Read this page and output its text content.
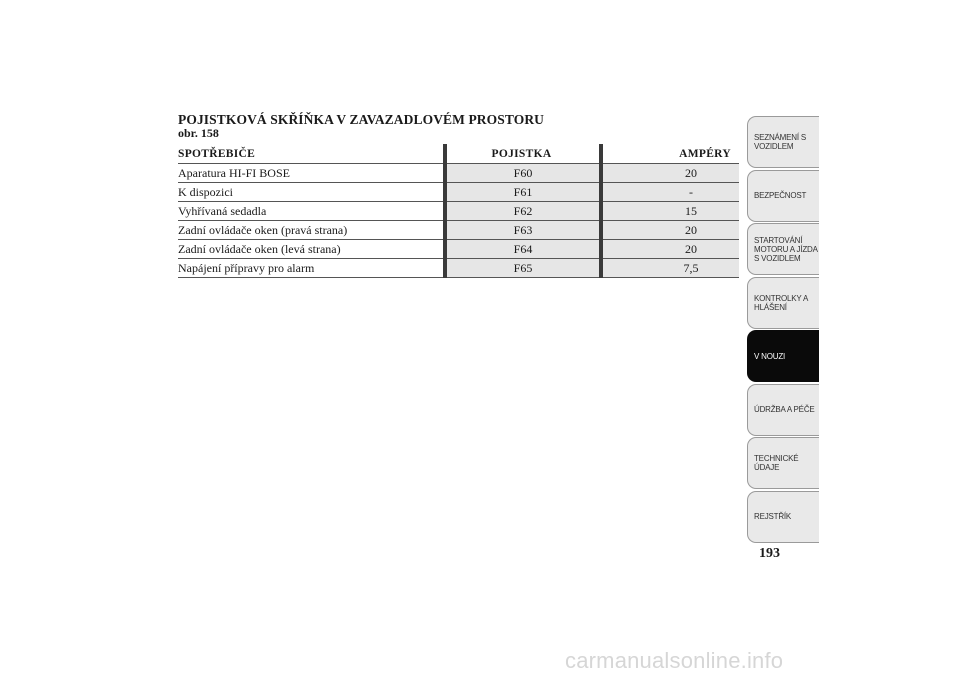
POJISTKOVÁ SKŘÍŇKA V ZAVAZADLOVÉM PROSTORU
obr. 158
SPOTŘEBIČE	POJISTKA	AMPÉRY
Aparatura HI-FI BOSE	F60	20
K dispozici	F61	-
Vyhřívaná sedadla	F62	15
Zadní ovládače oken (pravá strana)	F63	20
Zadní ovládače oken (levá strana)	F64	20
Napájení přípravy pro alarm	F65	7,5
SEZNÁMENÍ S
VOZIDLEM
BEZPEČNOST
STARTOVÁNÍ
MOTORU A JÍZDA
S VOZIDLEM
KONTROLKY A
HLÁŠENÍ
V NOUZI
ÚDRŽBA A PÉČE
TECHNICKÉ
ÚDAJE
REJSTŘÍK
193
carmanualsonline.info
